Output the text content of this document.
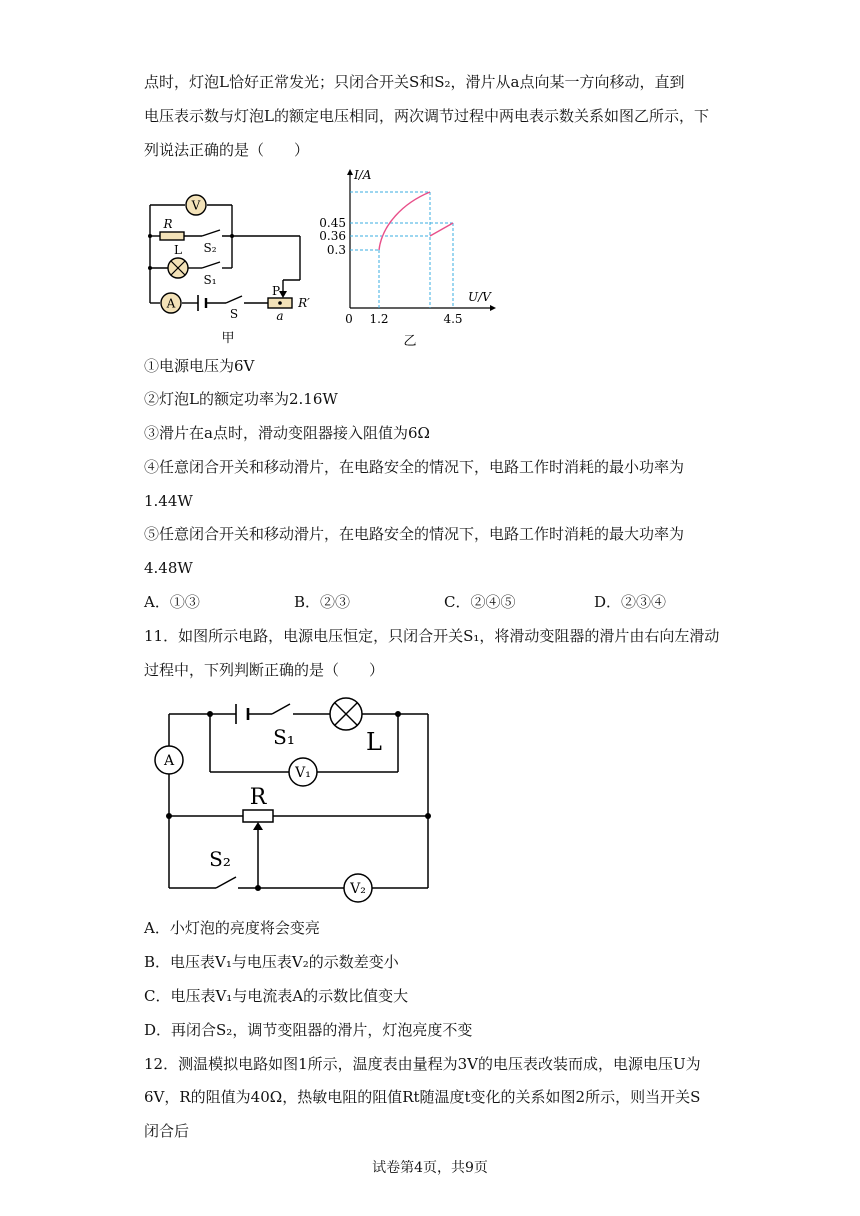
点时，灯泡L恰好正常发光；只闭合开关S和S₂，滑片从a点向某一方向移动，直到
电压表示数与灯泡L的额定电压相同，两次调节过程中两电表示数关系如图乙所示，下
列说法正确的是（　　）
V
R
L S₂
S₁
A
S
P
a
R′
甲
I/A
U/V
0.45
0.36
0.3
0 1.2	4.5
乙
①电源电压为6V
②灯泡L的额定功率为2.16W
③滑片在a点时，滑动变阻器接入阻值为6Ω
④任意闭合开关和移动滑片，在电路安全的情况下，电路工作时消耗的最小功率为
1.44W
⑤任意闭合开关和移动滑片，在电路安全的情况下，电路工作时消耗的最大功率为
4.48W
A．①③	B．②③	C．②④⑤	D．②③④
11．如图所示电路，电源电压恒定，只闭合开关S₁，将滑动变阻器的滑片由右向左滑动
过程中，下列判断正确的是（　　）
A
S₁	L
V₁
R
S₂
V₂
A．小灯泡的亮度将会变亮
B．电压表V₁与电压表V₂的示数差变小
C．电压表V₁与电流表A的示数比值变大
D．再闭合S₂，调节变阻器的滑片，灯泡亮度不变
12．测温模拟电路如图1所示，温度表由量程为3V的电压表改装而成，电源电压U为
6V，R的阻值为40Ω，热敏电阻的阻值Rt随温度t变化的关系如图2所示，则当开关S
闭合后
试卷第4页，共9页
